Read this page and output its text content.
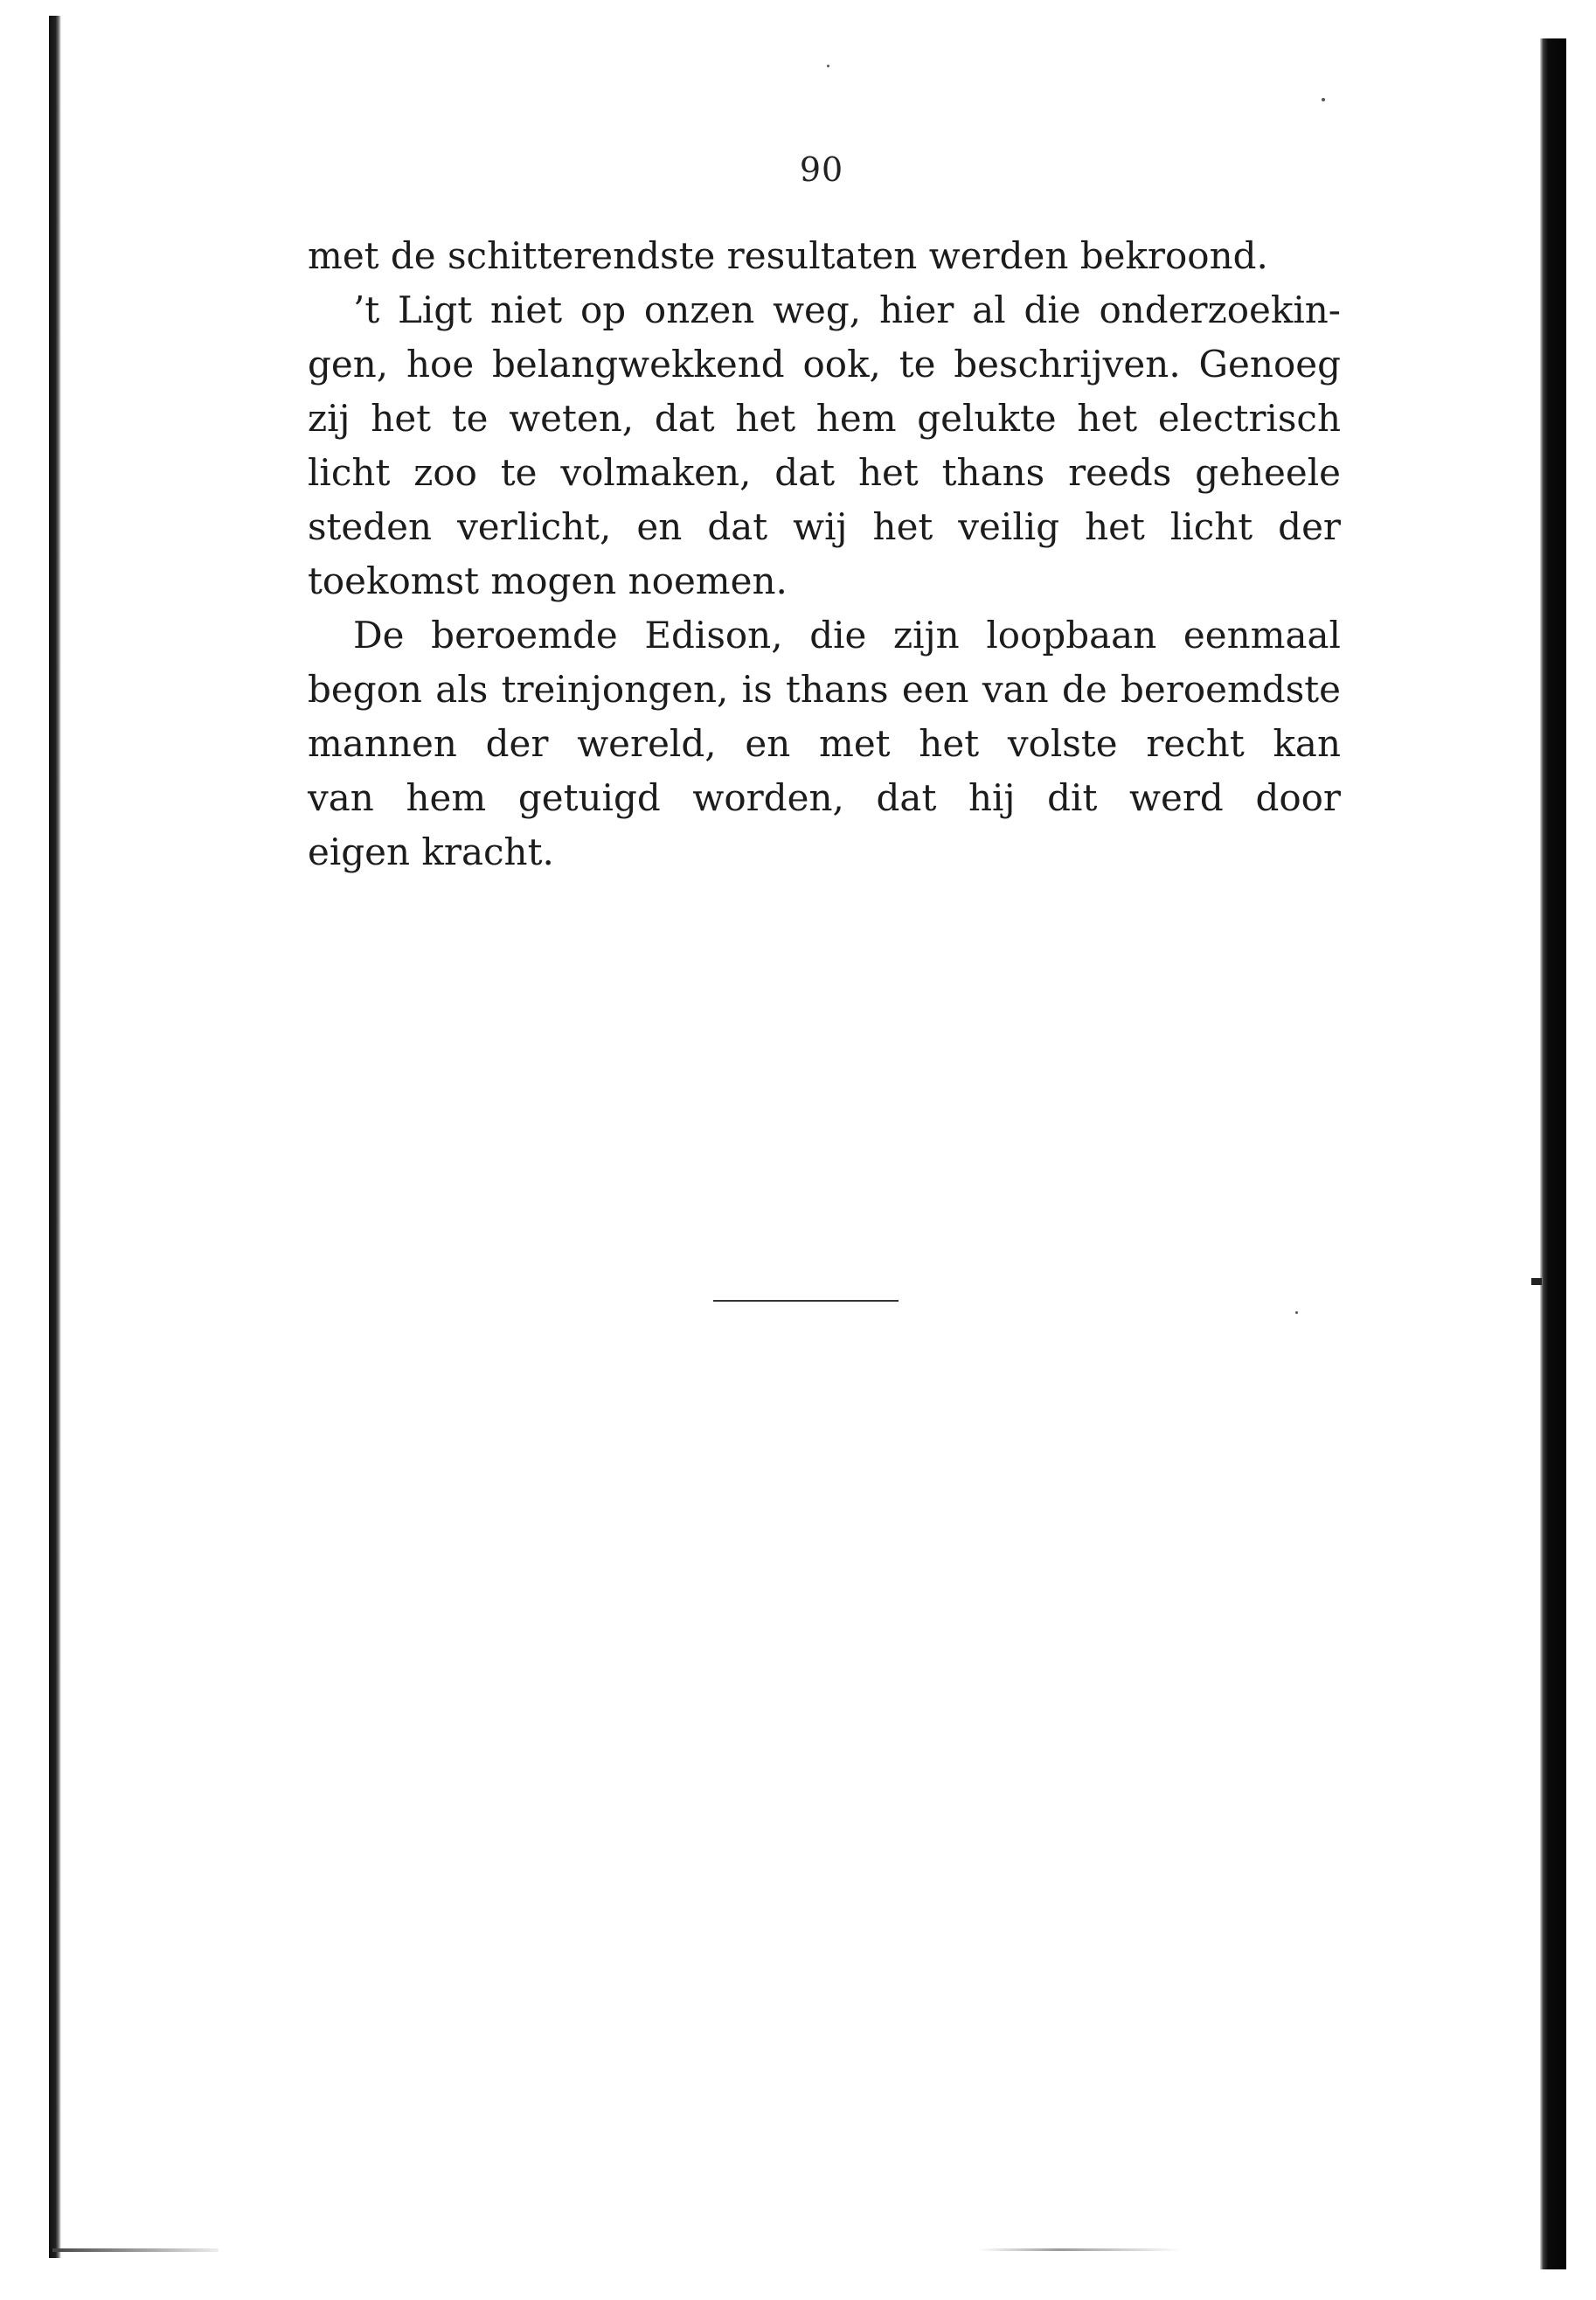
90
met de schitterendste resultaten werden bekroond.
’t Ligt niet op onzen weg, hier al die onderzoekin-
gen, hoe belangwekkend ook, te beschrijven. Genoeg
zij het te weten, dat het hem gelukte het electrisch
licht zoo te volmaken, dat het thans reeds geheele
steden verlicht, en dat wij het veilig het licht der
toekomst mogen noemen.
De beroemde Edison, die zijn loopbaan eenmaal
begon als treinjongen, is thans een van de beroemdste
mannen der wereld, en met het volste recht kan
van hem getuigd worden, dat hij dit werd door
eigen kracht.
